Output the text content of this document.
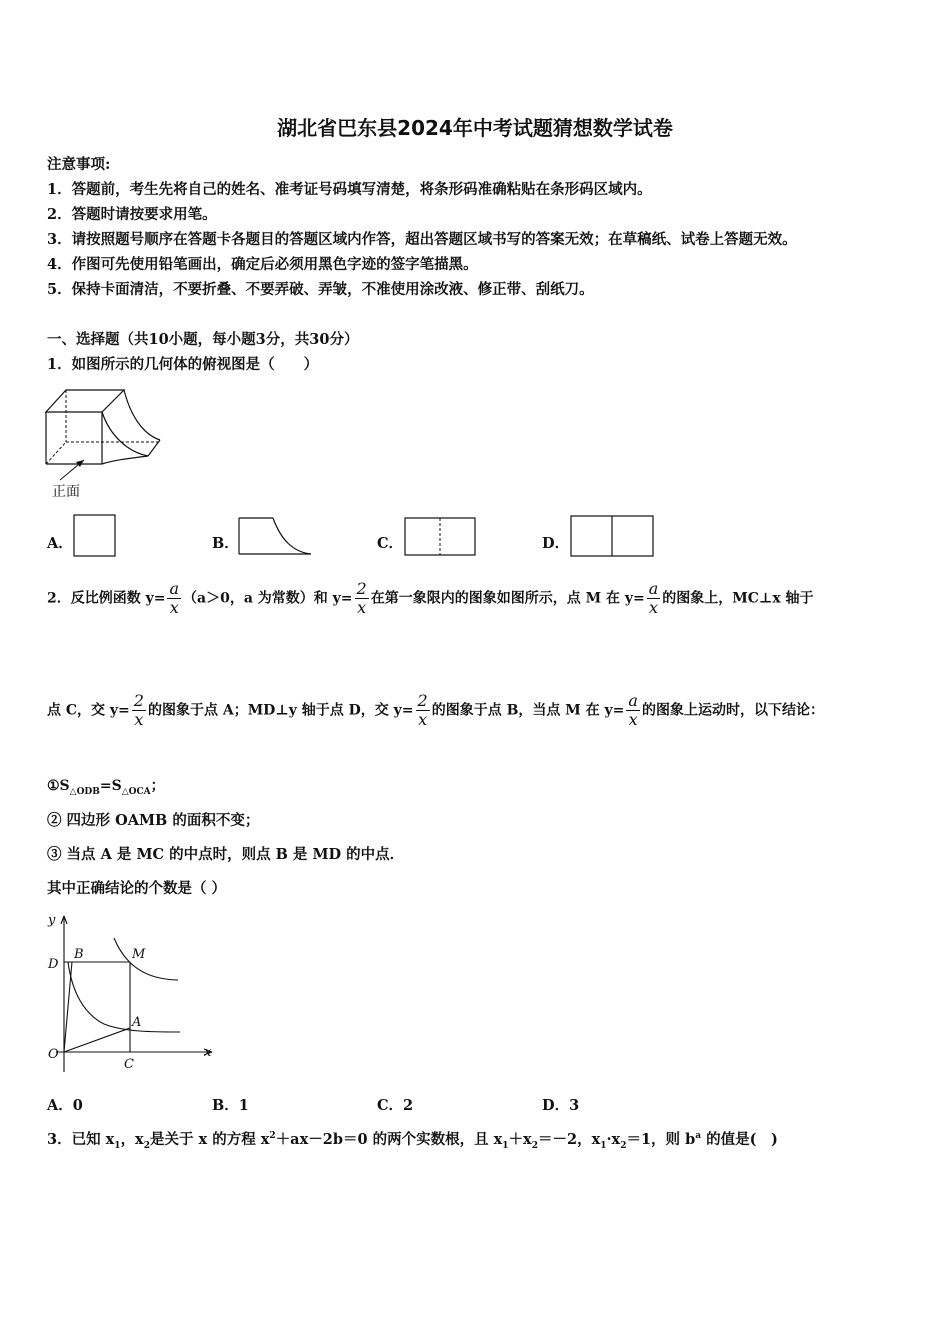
湖北省巴东县2024年中考试题猜想数学试卷
注意事项:
1．答题前，考生先将自己的姓名、准考证号码填写清楚，将条形码准确粘贴在条形码区域内。
2．答题时请按要求用笔。
3．请按照题号顺序在答题卡各题目的答题区域内作答，超出答题区域书写的答案无效；在草稿纸、试卷上答题无效。
4．作图可先使用铅笔画出，确定后必须用黑色字迹的签字笔描黑。
5．保持卡面清洁，不要折叠、不要弄破、弄皱，不准使用涂改液、修正带、刮纸刀。
一、选择题（共10小题，每小题3分，共30分）
1．如图所示的几何体的俯视图是（　　）
正面
A．	B．	C．	D．
2．反比例函数 $y= \frac{a}{x} (a>0$，a 为常数）和 $y= \frac{2}{x}$ 在第一象限内的图象如图所示，点 M 在 $y= \frac{a}{x}$ 的图象上，MC⊥x 轴于
点 C，交 $y= \frac{2}{x}$ 的图象于点 A；MD⊥y 轴于点 D，交 $y= \frac{2}{x}$ 的图象于点 B，当点 M 在 $y= \frac{a}{x}$ 的图象上运动时，以下结论：
$①S_{\triangle ODB}=S_{\triangle OCA}$；
② 四边形 OAMB 的面积不变；
③ 当点 A 是 MC 的中点时，则点 B 是 MD 的中点．
其中正确结论的个数是（ ）
y
x
O
D
B	M
A
C
A．0	B．1	C．2	D．3
3．已知 $x_1$，$x_2$是关于 x 的方程 $x^2+ax-2b=0$ 的两个实数根，且 $x_1+x_2=-2$，$x_1\cdot x_2=1$，则 $b^a$ 的值是(　)
